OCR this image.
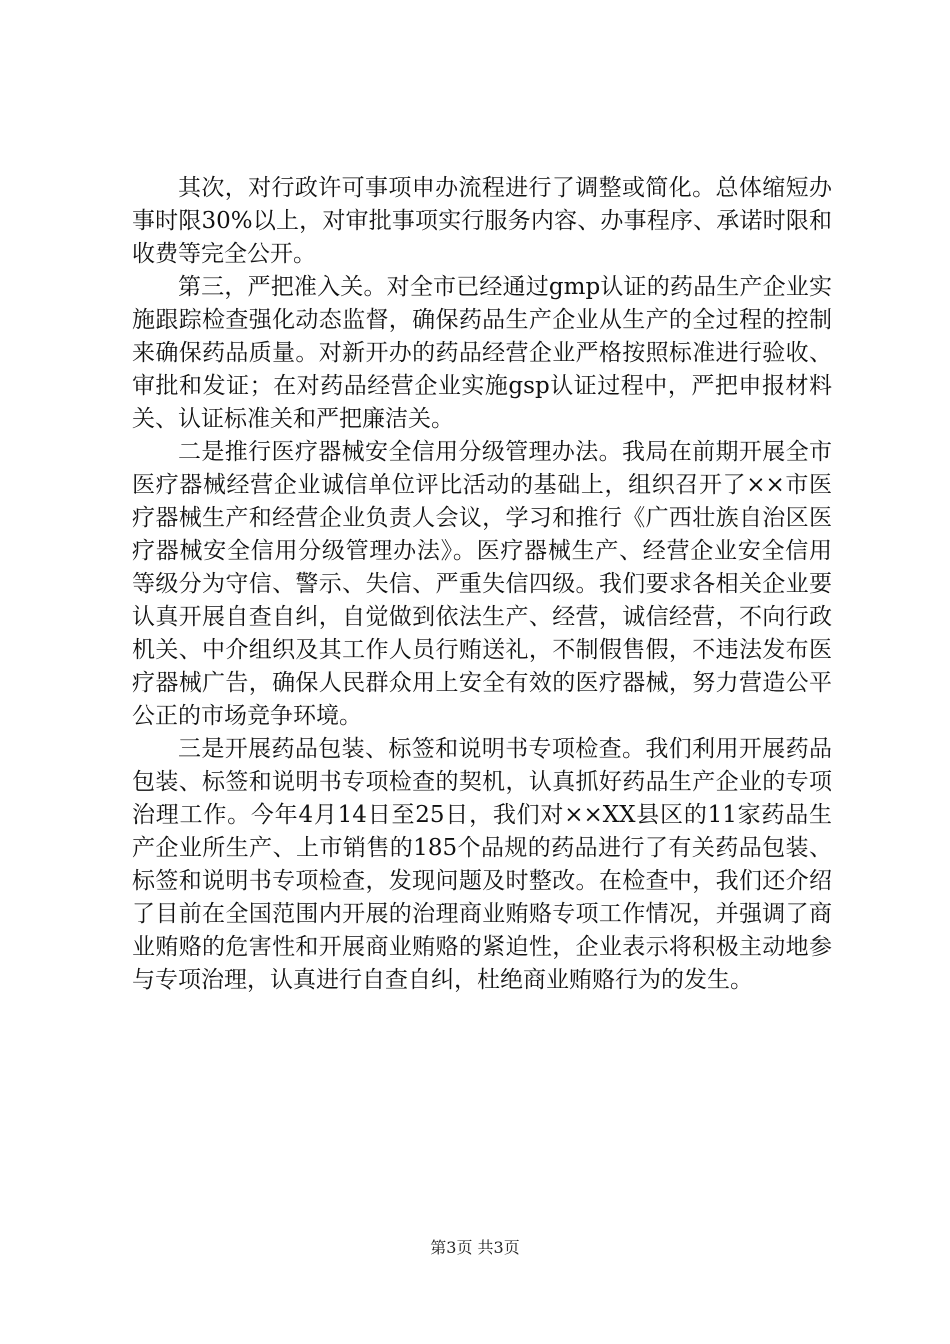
其次，对行政许可事项申办流程进行了调整或简化。总体缩短办事时限30%以上，对审批事项实行服务内容、办事程序、承诺时限和收费等完全公开。

第三，严把准入关。对全市已经通过gmp认证的药品生产企业实施跟踪检查强化动态监督，确保药品生产企业从生产的全过程的控制来确保药品质量。对新开办的药品经营企业严格按照标准进行验收、审批和发证；在对药品经营企业实施gsp认证过程中，严把申报材料关、认证标准关和严把廉洁关。

二是推行医疗器械安全信用分级管理办法。我局在前期开展全市医疗器械经营企业诚信单位评比活动的基础上，组织召开了××市医疗器械生产和经营企业负责人会议，学习和推行《广西壮族自治区医疗器械安全信用分级管理办法》。医疗器械生产、经营企业安全信用等级分为守信、警示、失信、严重失信四级。我们要求各相关企业要认真开展自查自纠，自觉做到依法生产、经营，诚信经营，不向行政机关、中介组织及其工作人员行贿送礼，不制假售假，不违法发布医疗器械广告，确保人民群众用上安全有效的医疗器械，努力营造公平公正的市场竞争环境。

三是开展药品包装、标签和说明书专项检查。我们利用开展药品包装、标签和说明书专项检查的契机，认真抓好药品生产企业的专项治理工作。今年4月14日至25日，我们对××XX县区的11家药品生产企业所生产、上市销售的185个品规的药品进行了有关药品包装、标签和说明书专项检查，发现问题及时整改。在检查中，我们还介绍了目前在全国范围内开展的治理商业贿赂专项工作情况，并强调了商业贿赂的危害性和开展商业贿赂的紧迫性，企业表示将积极主动地参与专项治理，认真进行自查自纠，杜绝商业贿赂行为的发生。

第3页 共3页
